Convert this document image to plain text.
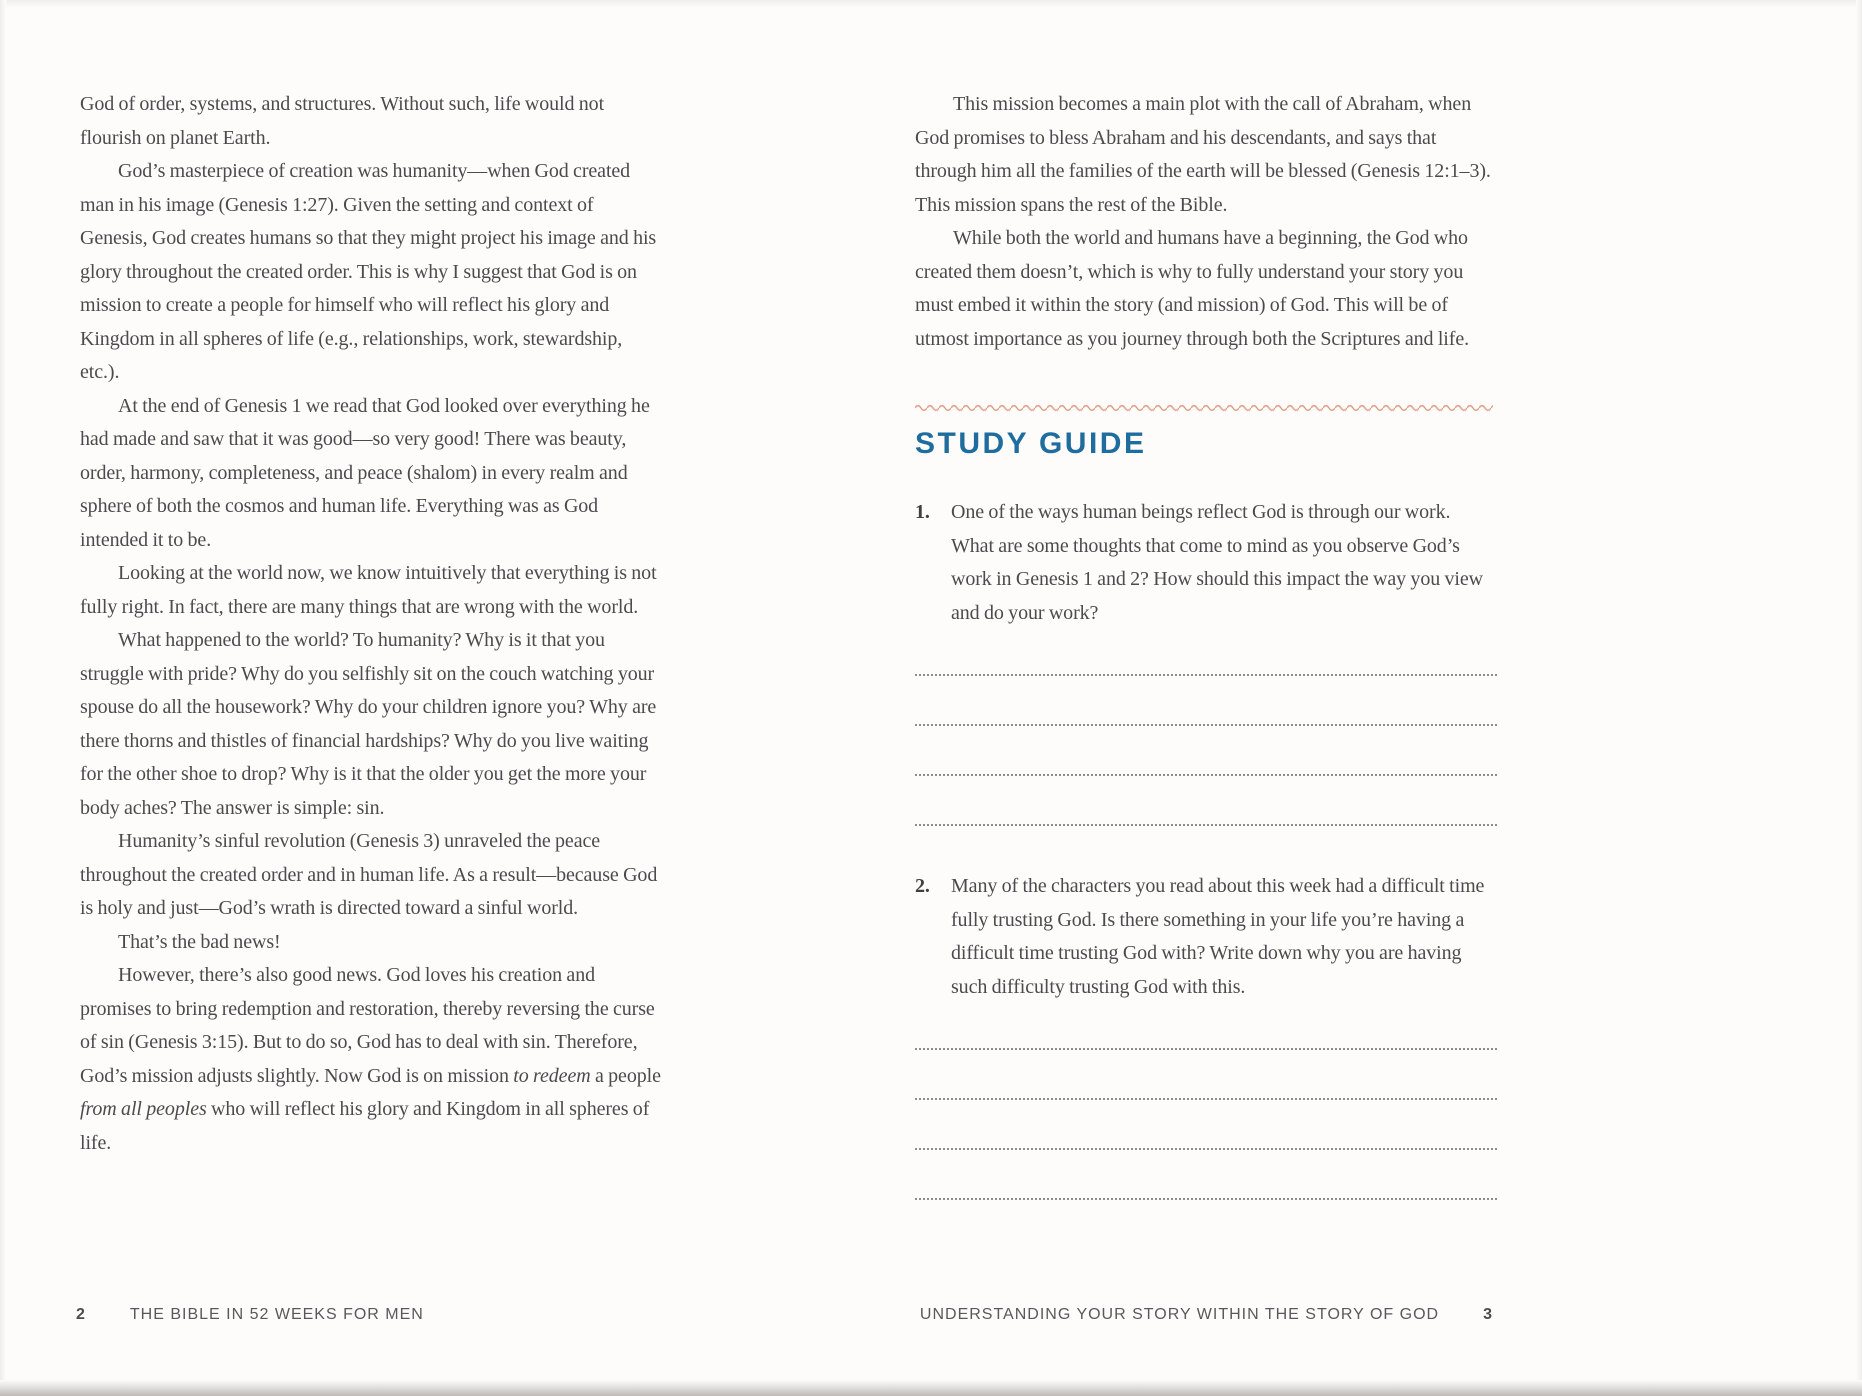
God of order, systems, and structures. Without such, life would not flourish on planet Earth.

God’s masterpiece of creation was humanity—when God created man in his image (Genesis 1:27). Given the setting and context of Genesis, God creates humans so that they might project his image and his glory throughout the created order. This is why I suggest that God is on mission to create a people for himself who will reflect his glory and Kingdom in all spheres of life (e.g., relationships, work, stewardship, etc.).

At the end of Genesis 1 we read that God looked over everything he had made and saw that it was good—so very good! There was beauty, order, harmony, completeness, and peace (shalom) in every realm and sphere of both the cosmos and human life. Everything was as God intended it to be.

Looking at the world now, we know intuitively that everything is not fully right. In fact, there are many things that are wrong with the world.

What happened to the world? To humanity? Why is it that you struggle with pride? Why do you selfishly sit on the couch watching your spouse do all the housework? Why do your children ignore you? Why are there thorns and thistles of financial hardships? Why do you live waiting for the other shoe to drop? Why is it that the older you get the more your body aches? The answer is simple: sin.

Humanity’s sinful revolution (Genesis 3) unraveled the peace throughout the created order and in human life. As a result—because God is holy and just—God’s wrath is directed toward a sinful world.

That’s the bad news!

However, there’s also good news. God loves his creation and promises to bring redemption and restoration, thereby reversing the curse of sin (Genesis 3:15). But to do so, God has to deal with sin. Therefore, God’s mission adjusts slightly. Now God is on mission to redeem a people from all peoples who will reflect his glory and Kingdom in all spheres of life.

This mission becomes a main plot with the call of Abraham, when God promises to bless Abraham and his descendants, and says that through him all the families of the earth will be blessed (Genesis 12:1–3). This mission spans the rest of the Bible.

While both the world and humans have a beginning, the God who created them doesn’t, which is why to fully understand your story you must embed it within the story (and mission) of God. This will be of utmost importance as you journey through both the Scriptures and life.

STUDY GUIDE
1.	One of the ways human beings reflect God is through our work. What are some thoughts that come to mind as you observe God’s work in Genesis 1 and 2? How should this impact the way you view and do your work?

2.	Many of the characters you read about this week had a difficult time fully trusting God. Is there something in your life you’re having a difficult time trusting God with? Write down why you are having such difficulty trusting God with this.

2	THE BIBLE IN 52 WEEKS FOR MEN	UNDERSTANDING YOUR STORY WITHIN THE STORY OF GOD	3
